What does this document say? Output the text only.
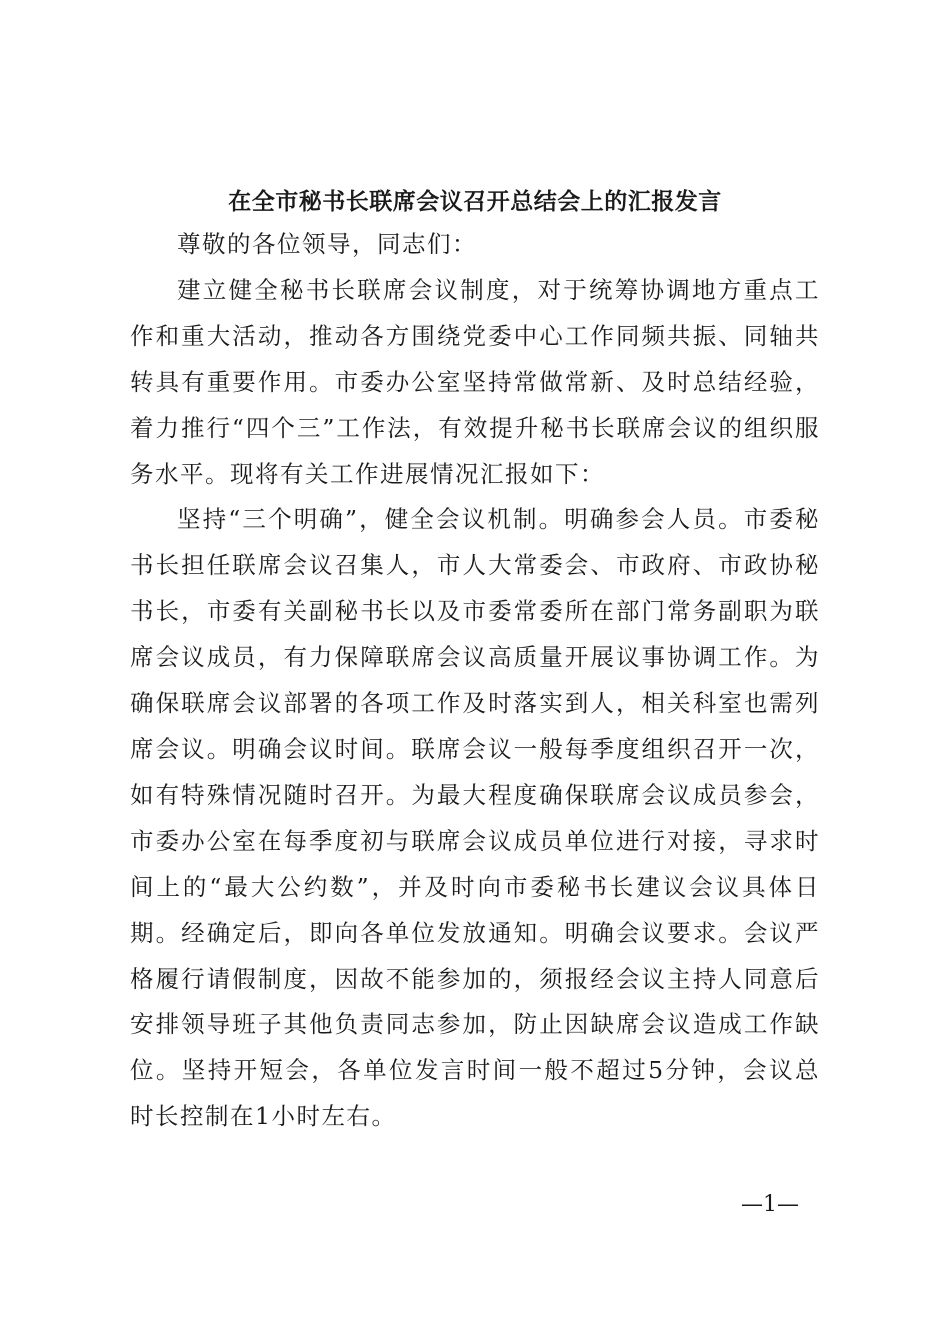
在全市秘书长联席会议召开总结会上的汇报发言

尊敬的各位领导，同志们：

建立健全秘书长联席会议制度，对于统筹协调地方重点工作和重大活动，推动各方围绕党委中心工作同频共振、同轴共转具有重要作用。市委办公室坚持常做常新、及时总结经验，着力推行“四个三”工作法，有效提升秘书长联席会议的组织服务水平。现将有关工作进展情况汇报如下：

坚持“三个明确”，健全会议机制。明确参会人员。市委秘书长担任联席会议召集人，市人大常委会、市政府、市政协秘书长，市委有关副秘书长以及市委常委所在部门常务副职为联席会议成员，有力保障联席会议高质量开展议事协调工作。为确保联席会议部署的各项工作及时落实到人，相关科室也需列席会议。明确会议时间。联席会议一般每季度组织召开一次，如有特殊情况随时召开。为最大程度确保联席会议成员参会，市委办公室在每季度初与联席会议成员单位进行对接，寻求时间上的“最大公约数”，并及时向市委秘书长建议会议具体日期。经确定后，即向各单位发放通知。明确会议要求。会议严格履行请假制度，因故不能参加的，须报经会议主持人同意后安排领导班子其他负责同志参加，防止因缺席会议造成工作缺位。坚持开短会，各单位发言时间一般不超过5分钟，会议总时长控制在1小时左右。

—1—
